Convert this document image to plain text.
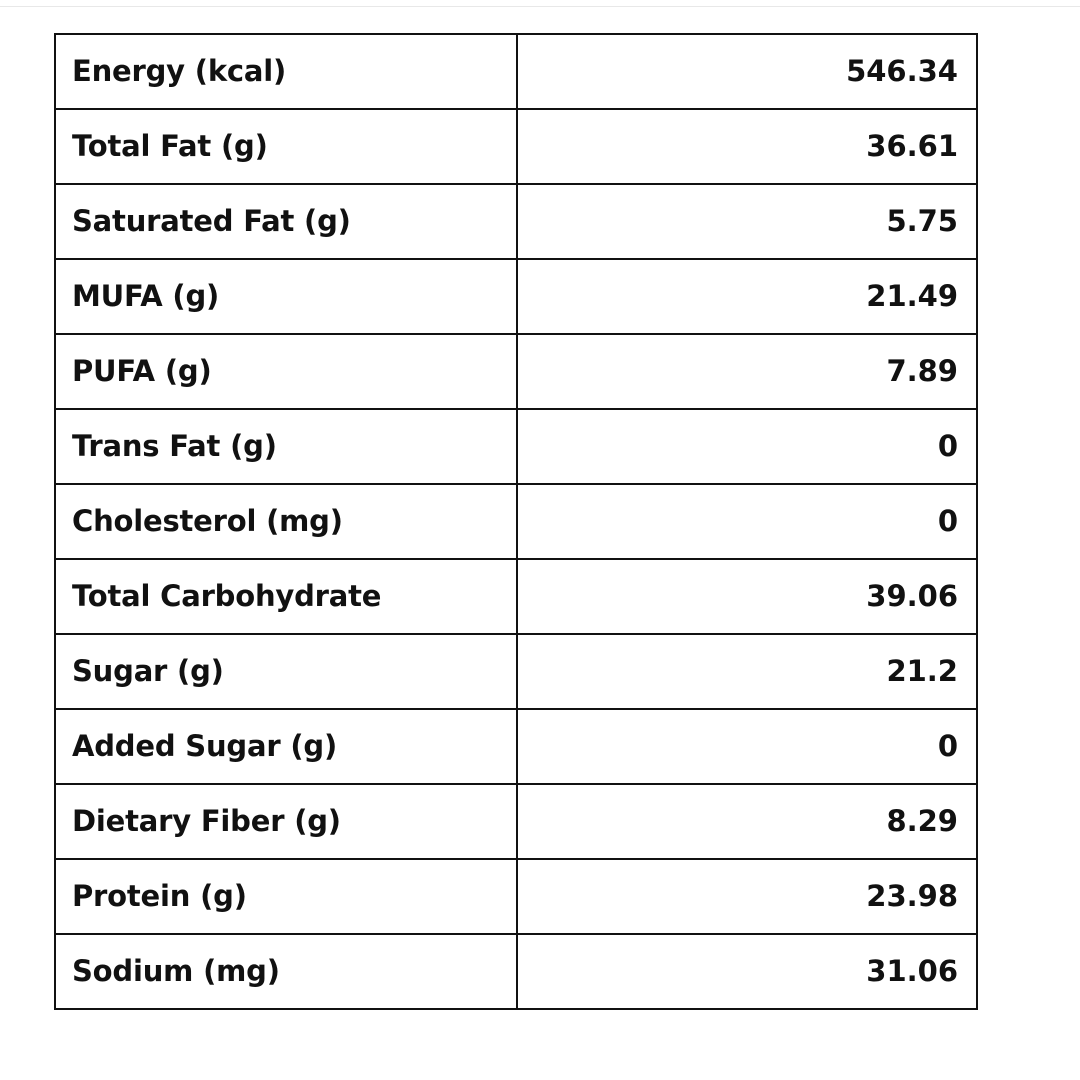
Energy (kcal)	546.34
Total Fat (g)	36.61
Saturated Fat (g)	5.75
MUFA (g)	21.49
PUFA (g)	7.89
Trans Fat (g)	0
Cholesterol (mg)	0
Total Carbohydrate	39.06
Sugar (g)	21.2
Added Sugar (g)	0
Dietary Fiber (g)	8.29
Protein (g)	23.98
Sodium (mg)	31.06
